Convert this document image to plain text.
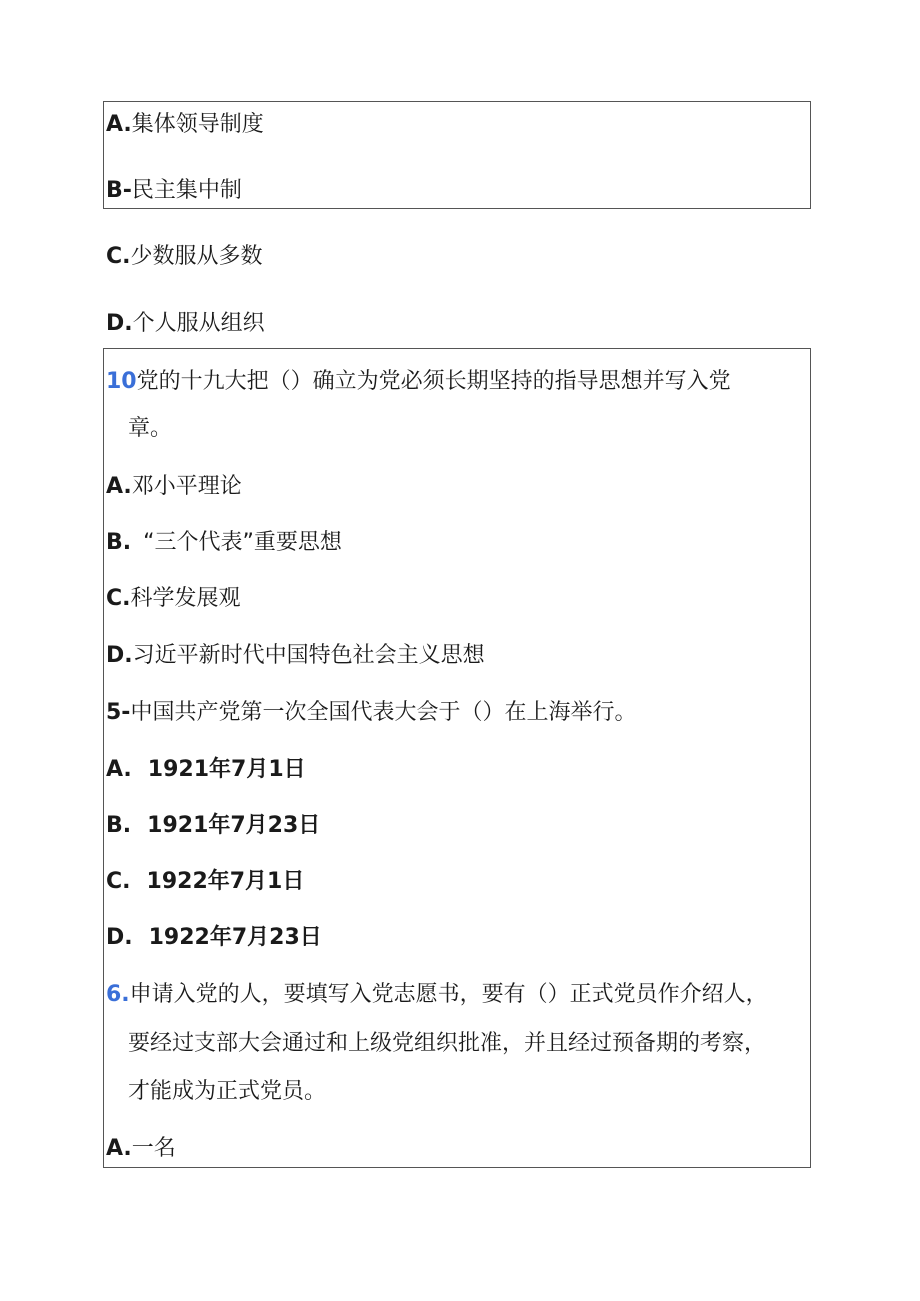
A.集体领导制度
B-民主集中制
C.少数服从多数
D.个人服从组织
10党的十九大把（）确立为党必须长期坚持的指导思想并写入党
章。
A.邓小平理论
B. “三个代表”重要思想
C.科学发展观
D.习近平新时代中国特色社会主义思想
5-中国共产党第一次全国代表大会于（）在上海举行。
A. 1921年7月1日
B. 1921年7月23日
C. 1922年7月1日
D. 1922年7月23日
6.申请入党的人，要填写入党志愿书，要有（）正式党员作介绍人，
要经过支部大会通过和上级党组织批准，并且经过预备期的考察，
才能成为正式党员。
A.一名
